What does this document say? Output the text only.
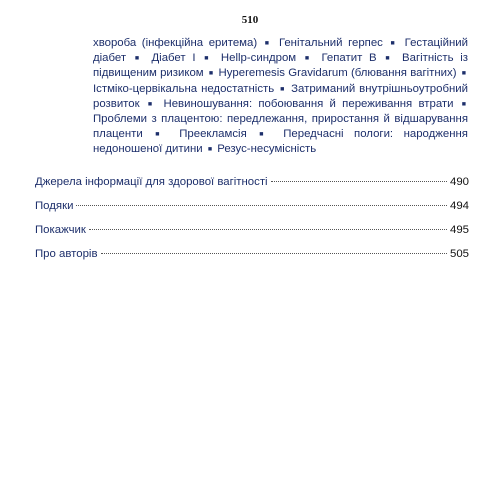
510
хвороба (інфекційна еритема) ■ Генітальний герпес ■ Гестаційний діабет ■ Діабет І ■ Hellp-синдром ■ Гепатит В ■ Вагітність із підвищеним ризиком ■ Hyperemesis Gravidarum (блювання вагітних) ■ Істміко-цервікальна недостатність ■ Затриманий внутрішньоутробний розвиток ■ Невиношування: побоювання й переживання втрати ■ Проблеми з плацентою: передлежання, приростання й відшарування плаценти ■ Преекламсія ■ Передчасні пологи: народження недоношеної дитини ■ Резус-несумісність
Джерела інформації для здорової вагітності	490
Подяки	494
Покажчик	495
Про авторів	505
